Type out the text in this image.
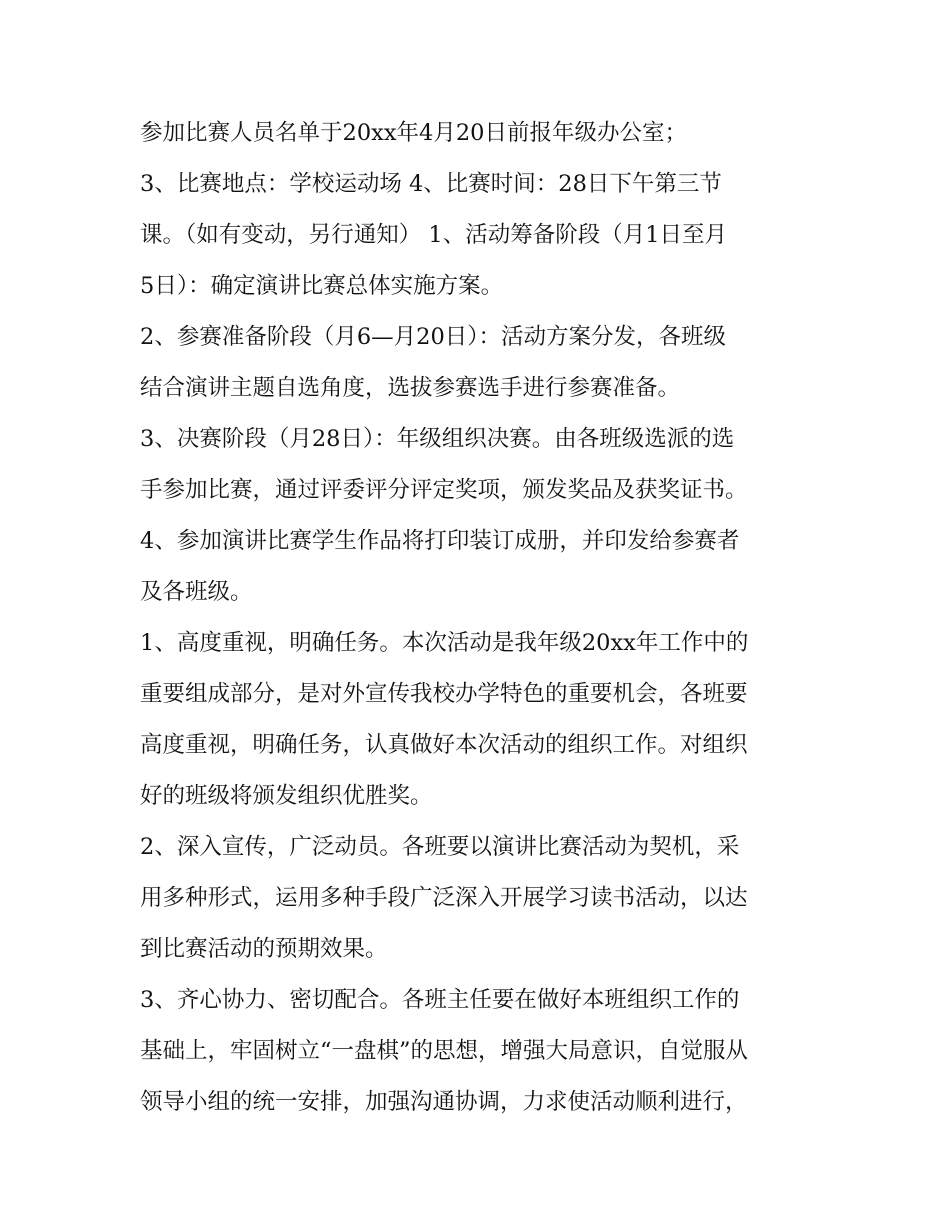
参加比赛人员名单于20xx年4月20日前报年级办公室；
3、比赛地点：学校运动场 4、比赛时间：28日下午第三节
课。（如有变动，另行通知） 1、活动筹备阶段（月1日至月
5日）：确定演讲比赛总体实施方案。
2、参赛准备阶段（月6—月20日）：活动方案分发，各班级
结合演讲主题自选角度，选拔参赛选手进行参赛准备。
3、决赛阶段（月28日）：年级组织决赛。由各班级选派的选
手参加比赛，通过评委评分评定奖项，颁发奖品及获奖证书。
4、参加演讲比赛学生作品将打印装订成册，并印发给参赛者
及各班级。
1、高度重视，明确任务。本次活动是我年级20xx年工作中的
重要组成部分，是对外宣传我校办学特色的重要机会，各班要
高度重视，明确任务，认真做好本次活动的组织工作。对组织
好的班级将颁发组织优胜奖。
2、深入宣传，广泛动员。各班要以演讲比赛活动为契机，采
用多种形式，运用多种手段广泛深入开展学习读书活动，以达
到比赛活动的预期效果。
3、齐心协力、密切配合。各班主任要在做好本班组织工作的
基础上，牢固树立“一盘棋”的思想，增强大局意识，自觉服从
领导小组的统一安排，加强沟通协调，力求使活动顺利进行，
